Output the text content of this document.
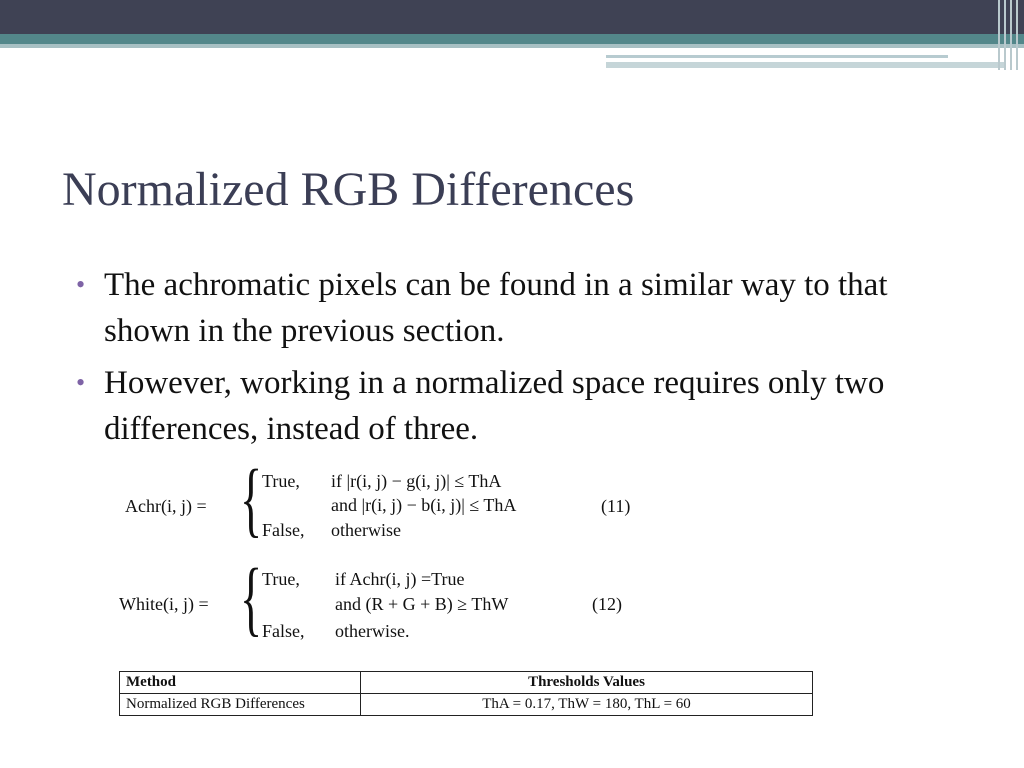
Normalized RGB Differences
• The achromatic pixels can be found in a similar way to that shown in the previous section.
• However, working in a normalized space requires only two differences, instead of three.
Achr(i, j) = { True,
False,
if |r(i, j) − g(i, j)| ≤ ThA
and |r(i, j) − b(i, j)| ≤ ThA
otherwise
(11)
White(i, j) = { True,
False,
if Achr(i, j) =True
and (R + G + B) ≥ ThW
otherwise.
(12)
Method	Thresholds Values
Normalized RGB Differences	ThA = 0.17, ThW = 180, ThL = 60
